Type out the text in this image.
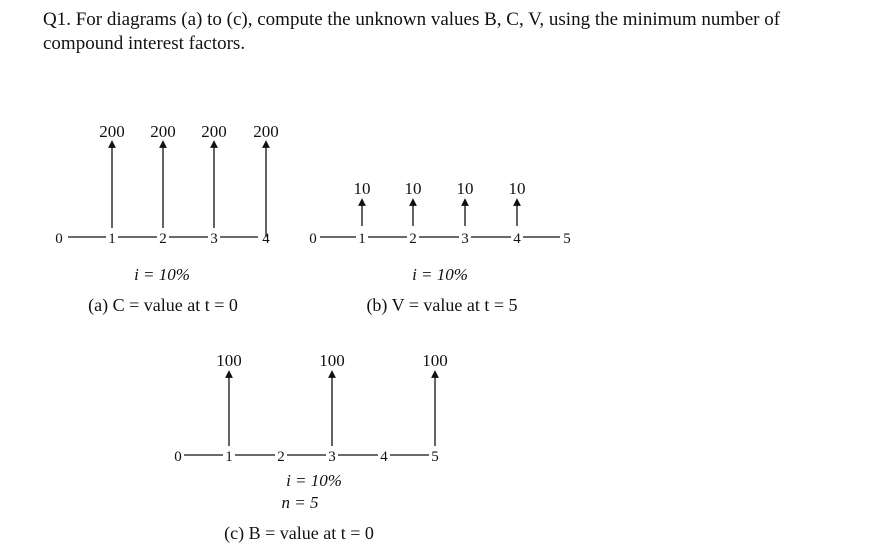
Q1. For diagrams (a) to (c), compute the unknown values B, C, V, using the minimum number of compound interest factors.

200 200 200 200
0	1	2	3	4
i = 10%
(a) C = value at t = 0
10 10 10 10
0	1	2	3	4	5
i = 10%
(b) V = value at t = 5
100	100	100
0	1	2	3	4	5
i = 10%
n = 5
(c) B = value at t = 0
